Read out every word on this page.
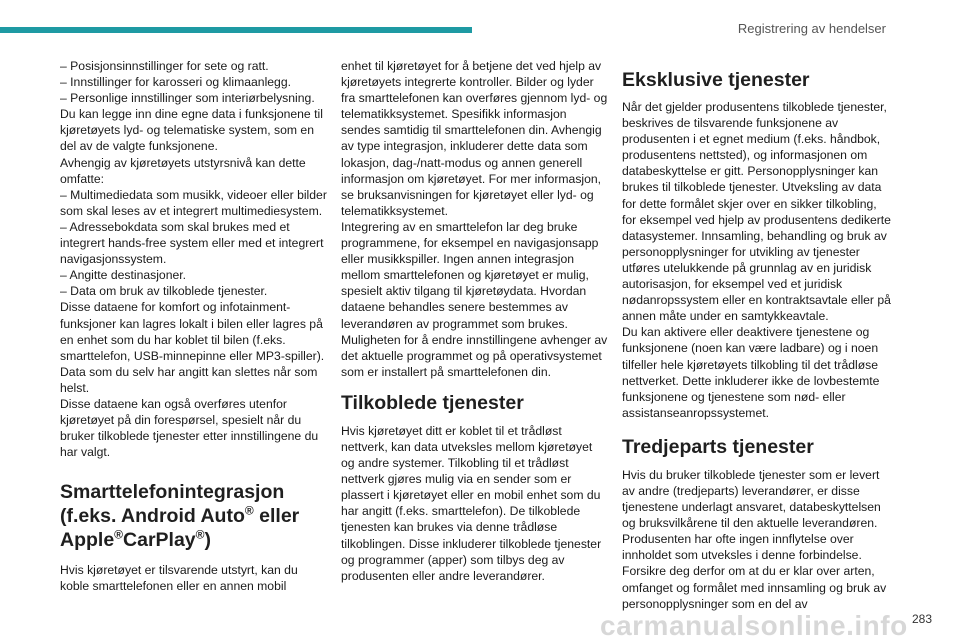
Registrering av hendelser

– Posisjonsinnstillinger for sete og ratt.
– Innstillinger for karosseri og klimaanlegg.
– Personlige innstillinger som interiørbelysning.
Du kan legge inn dine egne data i funksjonene til kjøretøyets lyd- og telematiske system, som en del av de valgte funksjonene.
Avhengig av kjøretøyets utstyrsnivå kan dette omfatte:
– Multimediedata som musikk, videoer eller bilder som skal leses av et integrert multimediesystem.
– Adressebokdata som skal brukes med et integrert hands-free system eller med et integrert navigasjonssystem.
– Angitte destinasjoner.
– Data om bruk av tilkoblede tjenester.
Disse dataene for komfort og infotainment-funksjoner kan lagres lokalt i bilen eller lagres på en enhet som du har koblet til bilen (f.eks. smarttelefon, USB-minnepinne eller MP3-spiller). Data som du selv har angitt kan slettes når som helst.
Disse dataene kan også overføres utenfor kjøretøyet på din forespørsel, spesielt når du bruker tilkoblede tjenester etter innstillingene du har valgt.

Smarttelefonintegrasjon (f.eks. Android Auto® eller Apple®CarPlay®)

Hvis kjøretøyet er tilsvarende utstyrt, kan du koble smarttelefonen eller en annen mobil

enhet til kjøretøyet for å betjene det ved hjelp av kjøretøyets integrerte kontroller. Bilder og lyder fra smarttelefonen kan overføres gjennom lyd- og telematikksystemet. Spesifikk informasjon sendes samtidig til smarttelefonen din. Avhengig av type integrasjon, inkluderer dette data som lokasjon, dag-/natt-modus og annen generell informasjon om kjøretøyet. For mer informasjon, se bruksanvisningen for kjøretøyet eller lyd- og telematikksystemet.
Integrering av en smarttelefon lar deg bruke programmene, for eksempel en navigasjonsapp eller musikkspiller. Ingen annen integrasjon mellom smarttelefonen og kjøretøyet er mulig, spesielt aktiv tilgang til kjøretøydata. Hvordan dataene behandles senere bestemmes av leverandøren av programmet som brukes. Muligheten for å endre innstillingene avhenger av det aktuelle programmet og på operativsystemet som er installert på smarttelefonen din.

Tilkoblede tjenester

Hvis kjøretøyet ditt er koblet til et trådløst nettverk, kan data utveksles mellom kjøretøyet og andre systemer. Tilkobling til et trådløst nettverk gjøres mulig via en sender som er plassert i kjøretøyet eller en mobil enhet som du har angitt (f.eks. smarttelefon). De tilkoblede tjenesten kan brukes via denne trådløse tilkoblingen. Disse inkluderer tilkoblede tjenester og programmer (apper) som tilbys deg av produsenten eller andre leverandører.

Eksklusive tjenester

Når det gjelder produsentens tilkoblede tjenester, beskrives de tilsvarende funksjonene av produsenten i et egnet medium (f.eks. håndbok, produsentens nettsted), og informasjonen om databeskyttelse er gitt. Personopplysninger kan brukes til tilkoblede tjenester. Utveksling av data for dette formålet skjer over en sikker tilkobling, for eksempel ved hjelp av produsentens dedikerte datasystemer. Innsamling, behandling og bruk av personopplysninger for utvikling av tjenester utføres utelukkende på grunnlag av en juridisk autorisasjon, for eksempel ved et juridisk nødanropssystem eller en kontraktsavtale eller på annen måte under en samtykkeavtale.
Du kan aktivere eller deaktivere tjenestene og funksjonene (noen kan være ladbare) og i noen tilfeller hele kjøretøyets tilkobling til det trådløse nettverket. Dette inkluderer ikke de lovbestemte funksjonene og tjenestene som nød- eller assistanseanropssystemet.

Tredjeparts tjenester

Hvis du bruker tilkoblede tjenester som er levert av andre (tredjeparts) leverandører, er disse tjenestene underlagt ansvaret, databeskyttelsen og bruksvilkårene til den aktuelle leverandøren. Produsenten har ofte ingen innflytelse over innholdet som utveksles i denne forbindelse.
Forsikre deg derfor om at du er klar over arten, omfanget og formålet med innsamling og bruk av personopplysninger som en del av

283
carmanualsonline.info
